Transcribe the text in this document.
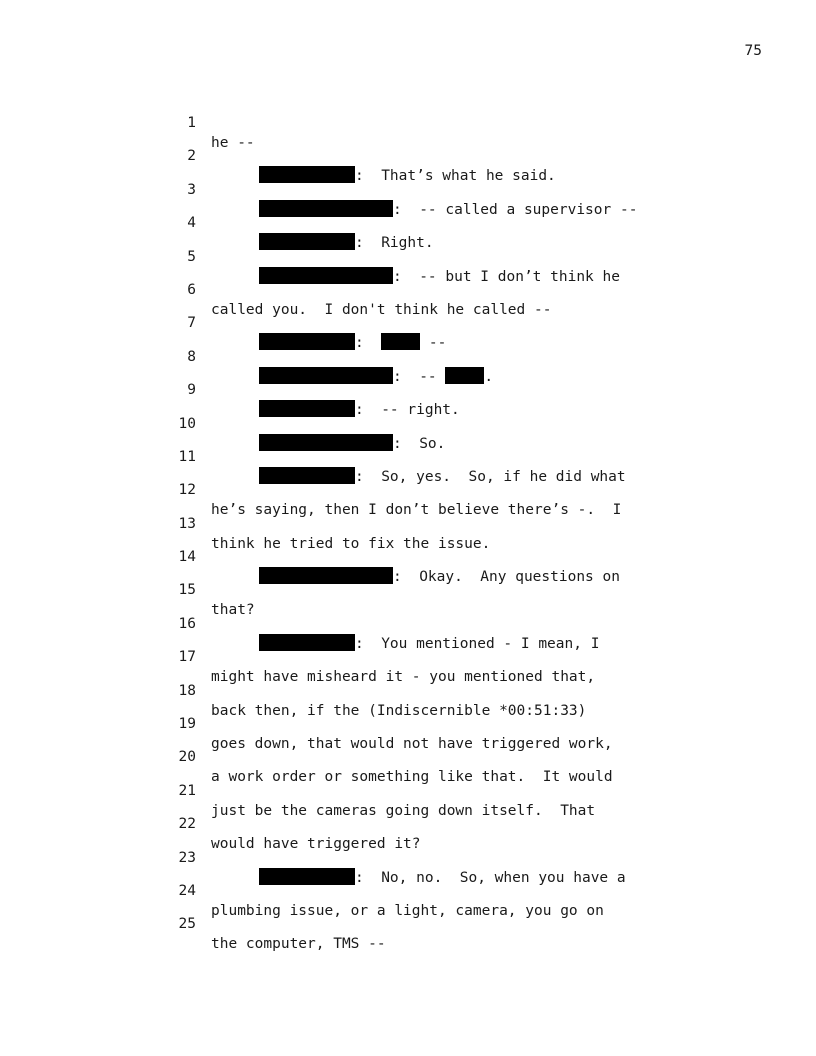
75

1

he --

2

:  That’s what he said.

3

:  -- called a supervisor --

4

:  Right.

5

:  -- but I don’t think he

6

called you.  I don't think he called --

7

:	--

8

:  --	.

9

:  -- right.

10

:  So.

11

:  So, yes.  So, if he did what

12

he’s saying, then I don’t believe there’s -.  I

13

think he tried to fix the issue.

14

:  Okay.  Any questions on

15

that?

16

:  You mentioned - I mean, I

17

might have misheard it - you mentioned that,

18

back then, if the (Indiscernible *00:51:33)

19

goes down, that would not have triggered work,

20

a work order or something like that.  It would

21

just be the cameras going down itself.  That

22

would have triggered it?

23

:  No, no.  So, when you have a

24

plumbing issue, or a light, camera, you go on

25

the computer, TMS --
